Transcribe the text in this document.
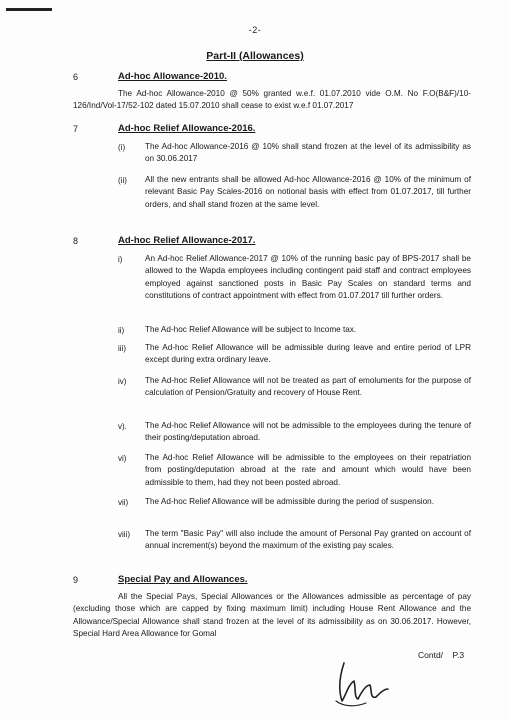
-2-
Part-II (Allowances)
6	Ad-hoc Allowance-2010.
The Ad-hoc Allowance-2010 @ 50% granted w.e.f. 01.07.2010 vide O.M. No F.O(B&F)/10-126/Ind/Vol-17/52-102 dated 15.07.2010 shall cease to exist w.e.f 01.07.2017
7	Ad-hoc Relief Allowance-2016.
(i) The Ad-hoc Allowance-2016 @ 10% shall stand frozen at the level of its admissibility as on 30.06.2017
(ii) All the new entrants shall be allowed Ad-hoc Allowance-2016 @ 10% of the minimum of relevant Basic Pay Scales-2016 on notional basis with effect from 01.07.2017, till further orders, and shall stand frozen at the same level.
8	Ad-hoc Relief Allowance-2017.
i)	An Ad-hoc Relief Allowance-2017 @ 10% of the running basic pay of BPS-2017 shall be allowed to the Wapda employees including contingent paid staff and contract employees employed against sanctioned posts in Basic Pay Scales on standard terms and constitutions of contract appointment with effect from 01.07.2017 till further orders.
ii)	The Ad-hoc Relief Allowance will be subject to Income tax.
iii) The Ad-hoc Relief Allowance will be admissible during leave and entire period of LPR except during extra ordinary leave.
iv) The Ad-hoc Relief Allowance will not be treated as part of emoluments for the purpose of calculation of Pension/Gratuity and recovery of House Rent.
v). The Ad-hoc Relief Allowance will not be admissible to the employees during the tenure of their posting/deputation abroad.
vi) The Ad-hoc Relief Allowance will be admissible to the employees on their repatriation from posting/deputation abroad at the rate and amount which would have been admissible to them, had they not been posted abroad.
vii) The Ad-hoc Relief Allowance will be admissible during the period of suspension.
viii) The term "Basic Pay" will also include the amount of Personal Pay granted on account of annual increment(s) beyond the maximum of the existing pay scales.
9	Special Pay and Allowances.
All the Special Pays, Special Allowances or the Allowances admissible as percentage of pay (excluding those which are capped by fixing maximum limit) including House Rent Allowance and the Allowance/Special Allowance shall stand frozen at the level of its admissibility as on 30.06.2017. However, Special Hard Area Allowance for Gomal
Contd/    P.3
